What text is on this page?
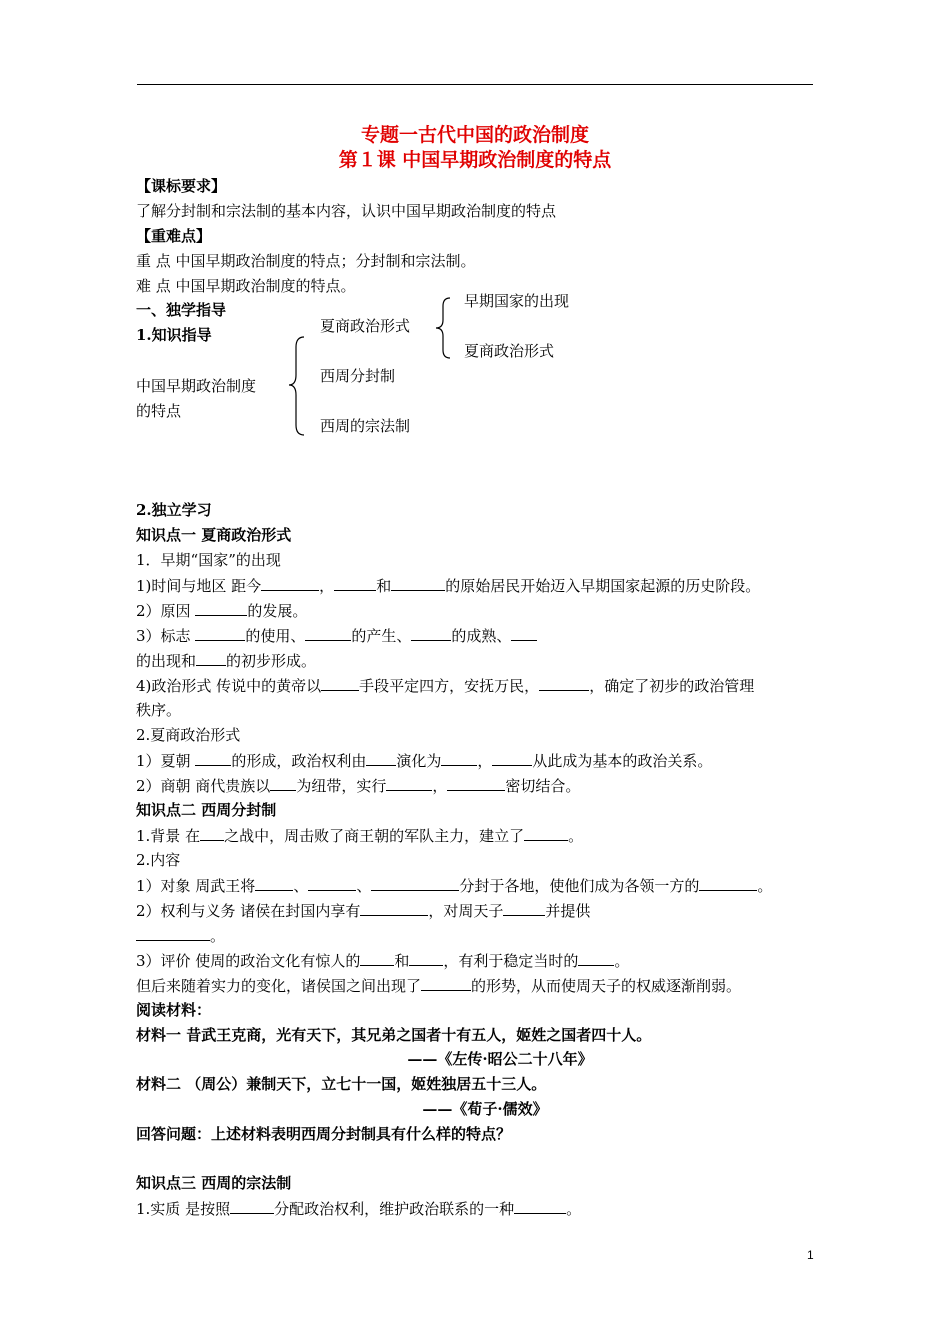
专题一古代中国的政治制度
第１课 中国早期政治制度的特点
【课标要求】
了解分封制和宗法制的基本内容，认识中国早期政治制度的特点
【重难点】
重 点 中国早期政治制度的特点；分封制和宗法制。
难 点 中国早期政治制度的特点。
一、独学指导
1.知识指导
中国早期政治制度
的特点
夏商政治形式
西周分封制
西周的宗法制
早期国家的出现
夏商政治形式
2.独立学习
知识点一 夏商政治形式
1．早期“国家”的出现
1)时间与地区 距今	，	和	的原始居民开始迈入早期国家起源的历史阶段。
2）原因	的发展。
3）标志	的使用、	的产生、	的成熟、
的出现和 的初步形成。
4)政治形式 传说中的黄帝以	手段平定四方，安抚万民，	，确定了初步的政治管理
秩序。
2.夏商政治形式
1）夏朝 的形成，政治权利由 演化为 ，	从此成为基本的政治关系。
2）商朝 商代贵族以 为纽带，实行	，	密切结合。
知识点二 西周分封制
1.背景 在 之战中，周击败了商王朝的军队主力，建立了	。
2.内容
1）对象 周武王将	、	、	分封于各地，使他们成为各领一方的	。
2）权利与义务 诸侯在封国内享有	，对周天子	并提供
。
3）评价 使周的政治文化有惊人的 和 ，有利于稳定当时的 。
但后来随着实力的变化，诸侯国之间出现了	的形势，从而使周天子的权威逐渐削弱。
阅读材料：
材料一 昔武王克商，光有天下，其兄弟之国者十有五人，姬姓之国者四十人。
——《左传·昭公二十八年》
材料二 （周公）兼制天下，立七十一国，姬姓独居五十三人。
——《荀子·儒效》
回答问题：上述材料表明西周分封制具有什么样的特点？
知识点三 西周的宗法制
1.实质 是按照	分配政治权利，维护政治联系的一种	。
1
